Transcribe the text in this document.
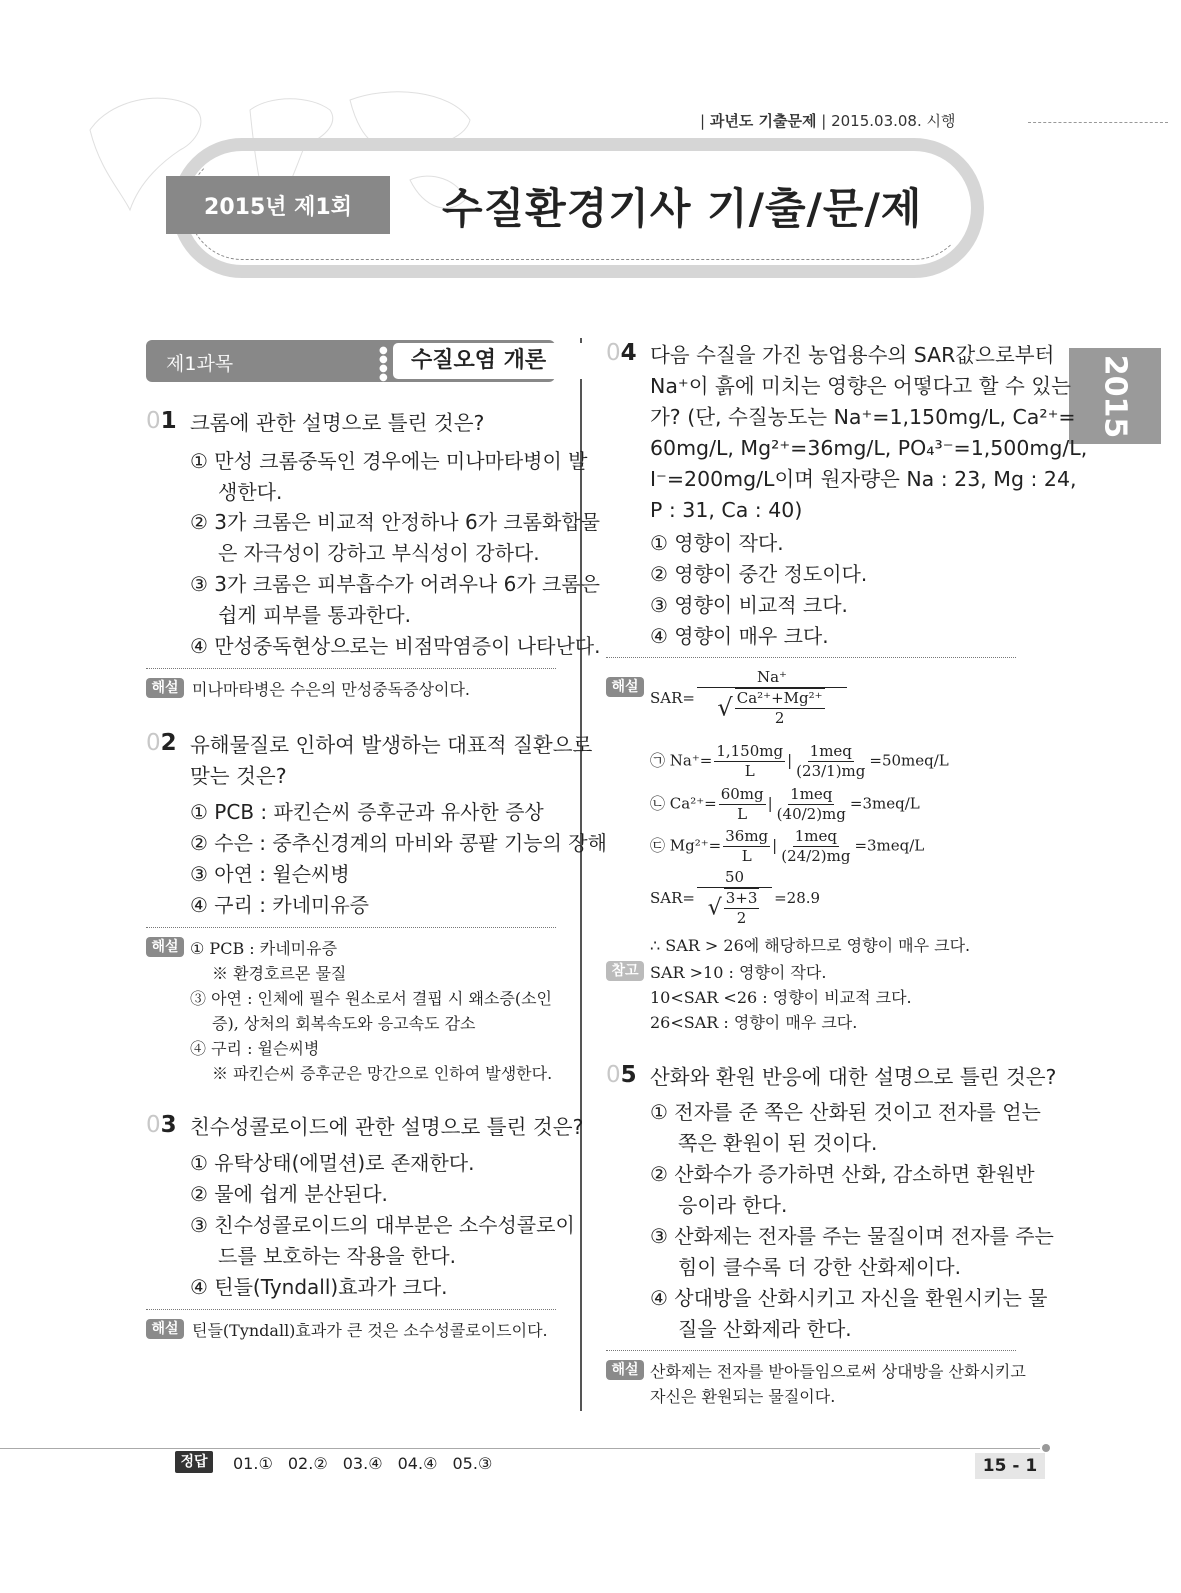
| 과년도 기출문제 | 2015.03.08. 시행
2015년 제1회	수질환경기사 기/출/문/제
2015
제1과목
●
●
●
●
수질오염 개론
01 크롬에 관한 설명으로 틀린 것은?
① 만성 크롬중독인 경우에는 미나마타병이 발
생한다.
② 3가 크롬은 비교적 안정하나 6가 크롬화합물
은 자극성이 강하고 부식성이 강하다.
③ 3가 크롬은 피부흡수가 어려우나 6가 크롬은
쉽게 피부를 통과한다.
④ 만성중독현상으로는 비점막염증이 나타난다.
해설 미나마타병은 수은의 만성중독증상이다.
02 유해물질로 인하여 발생하는 대표적 질환으로
맞는 것은?
① PCB : 파킨슨씨 증후군과 유사한 증상
② 수은 : 중추신경계의 마비와 콩팥 기능의 장해
③ 아연 : 윌슨씨병
④ 구리 : 카네미유증
해설 ① PCB : 카네미유증
※ 환경호르몬 물질
③ 아연 : 인체에 필수 원소로서 결핍 시 왜소증(소인
증), 상처의 회복속도와 응고속도 감소
④ 구리 : 윌슨씨병
※ 파킨슨씨 증후군은 망간으로 인하여 발생한다.
03 친수성콜로이드에 관한 설명으로 틀린 것은?
① 유탁상태(에멀션)로 존재한다.
② 물에 쉽게 분산된다.
③ 친수성콜로이드의 대부분은 소수성콜로이
드를 보호하는 작용을 한다.
④ 틴들(Tyndall)효과가 크다.
해설 틴들(Tyndall)효과가 큰 것은 소수성콜로이드이다.
04 다음 수질을 가진 농업용수의 SAR값으로부터
Na⁺이 흙에 미치는 영향은 어떻다고 할 수 있는
가? (단, 수질농도는 Na⁺=1,150mg/L, Ca²⁺=
60mg/L, Mg²⁺=36mg/L, PO₄³⁻=1,500mg/L,
I⁻=200mg/L이며 원자량은 Na : 23, Mg : 24,
P : 31, Ca : 40)
① 영향이 작다.
② 영향이 중간 정도이다.
③ 영향이 비교적 크다.
④ 영향이 매우 크다.
해설
$SAR= \frac{Na^+}{√ \frac{\text{Ca²⁺+Mg²⁺}}{2}}$
㉠ $Na^+= \frac{1,150mg}{L}$ | $\frac{\text{1meq}}{(23/1)mg} =50meq/L$
㉡ $Ca^{2+}= \frac{60mg}{L}$ | $\frac{\text{1meq}}{(40/2)mg} =3meq/L$
㉢ $Mg^{2+}= \frac{36mg}{L}$ | $\frac{\text{1meq}}{(24/2)mg} =3meq/L$
$SAR= \frac{50}{√ \frac{3+3}{2}} =28.9$
∴ SAR > 26에 해당하므로 영향이 매우 크다.
참고 SAR >10 : 영향이 작다.
10<SAR <26 : 영향이 비교적 크다.
26<SAR : 영향이 매우 크다.
05 산화와 환원 반응에 대한 설명으로 틀린 것은?
① 전자를 준 쪽은 산화된 것이고 전자를 얻는
쪽은 환원이 된 것이다.
② 산화수가 증가하면 산화, 감소하면 환원반
응이라 한다.
③ 산화제는 전자를 주는 물질이며 전자를 주는
힘이 클수록 더 강한 산화제이다.
④ 상대방을 산화시키고 자신을 환원시키는 물
질을 산화제라 한다.
해설 산화제는 전자를 받아들임으로써 상대방을 산화시키고
자신은 환원되는 물질이다.
정답	01.① 02.② 03.④ 04.④ 05.③	15 - 1
